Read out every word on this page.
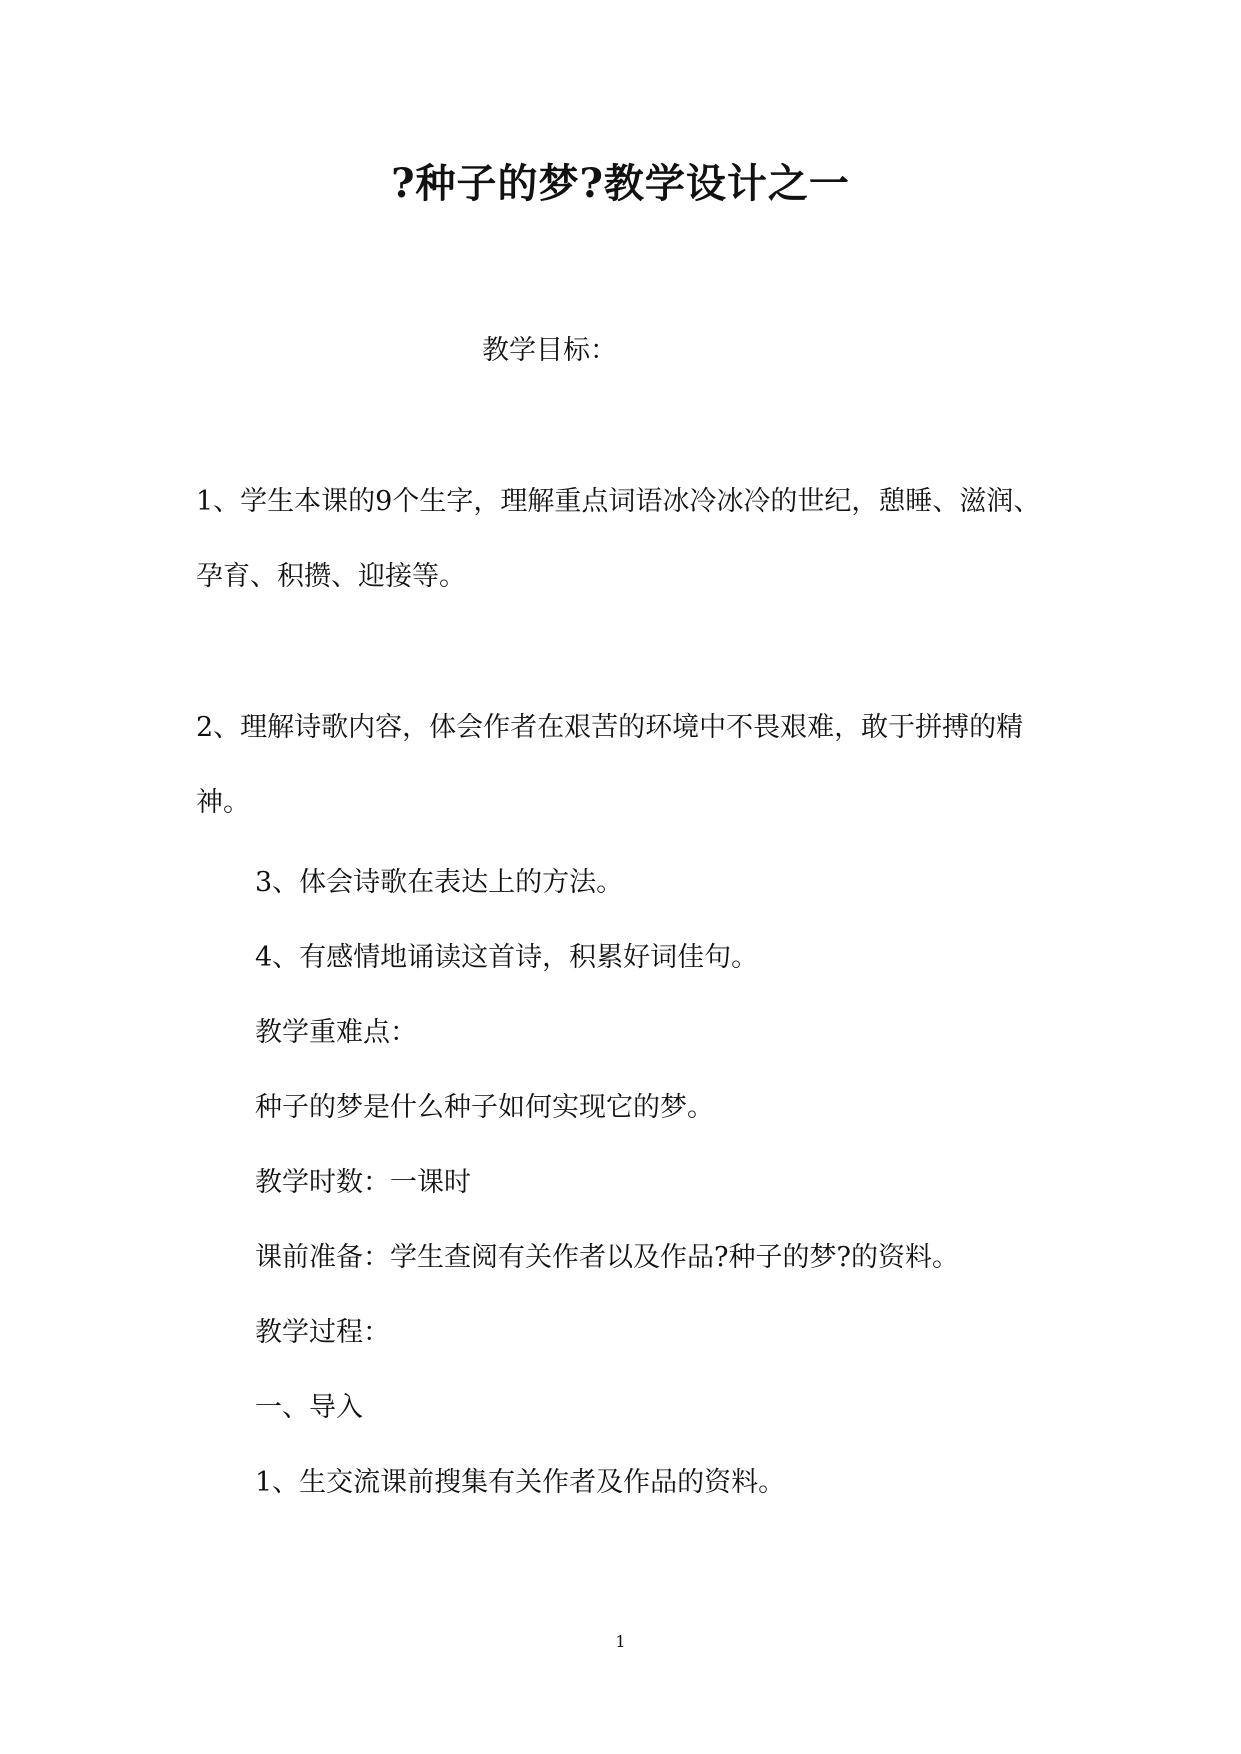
?种子的梦?教学设计之一
教学目标：
1、学生本课的9个生字，理解重点词语冰冷冰冷的世纪，憩睡、滋润、孕育、积攒、迎接等。
2、理解诗歌内容，体会作者在艰苦的环境中不畏艰难，敢于拼搏的精神。
3、体会诗歌在表达上的方法。
4、有感情地诵读这首诗，积累好词佳句。
教学重难点：
种子的梦是什么种子如何实现它的梦。
教学时数：一课时
课前准备：学生查阅有关作者以及作品?种子的梦?的资料。
教学过程：
一、导入
1、生交流课前搜集有关作者及作品的资料。
1
